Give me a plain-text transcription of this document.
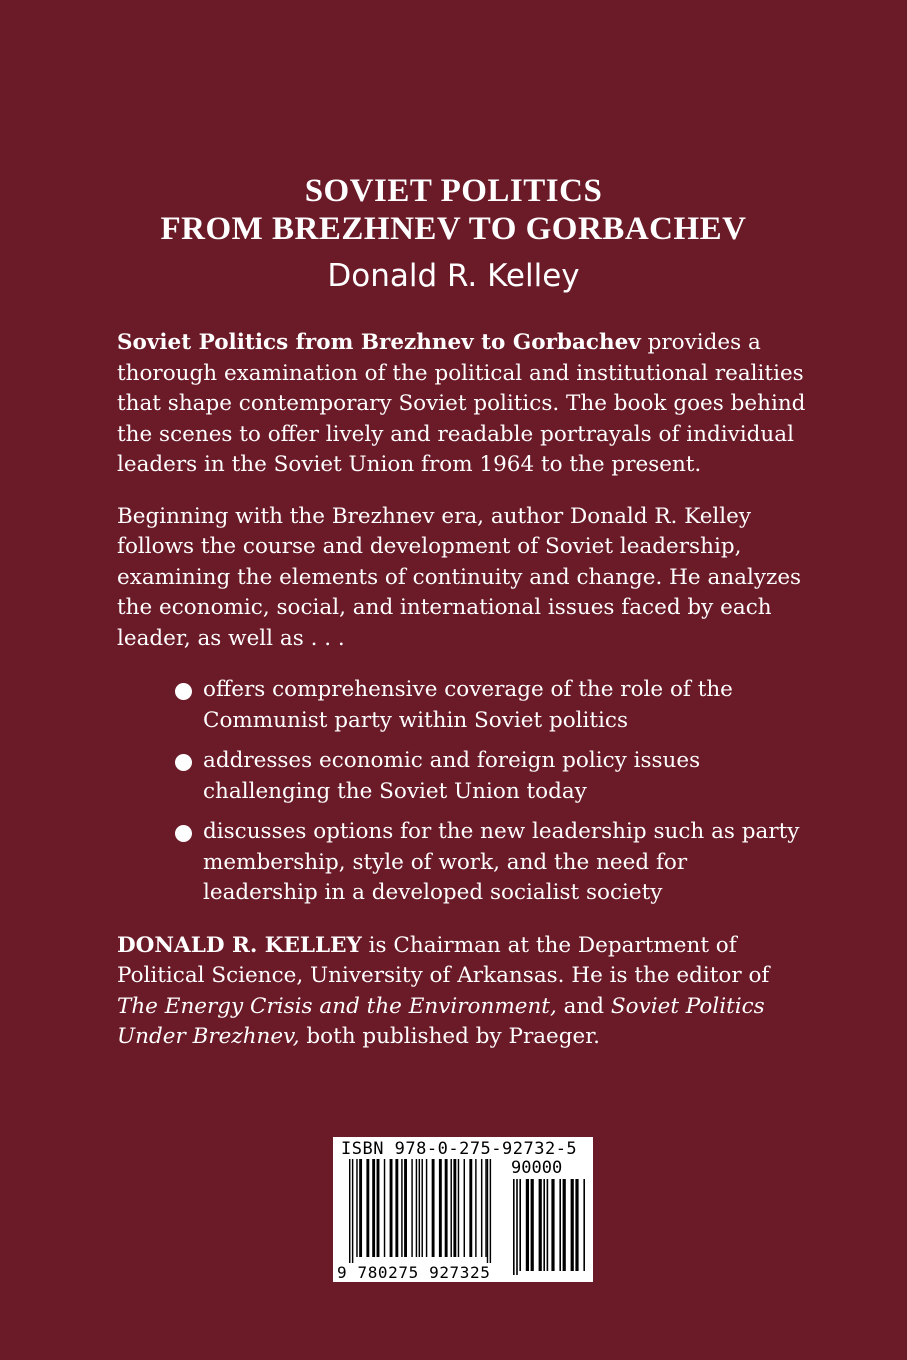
SOVIET POLITICS
FROM BREZHNEV TO GORBACHEV
Donald R. Kelley

Soviet Politics from Brezhnev to Gorbachev provides a thorough examination of the political and institutional realities that shape contemporary Soviet politics. The book goes behind the scenes to offer lively and readable portrayals of individual leaders in the Soviet Union from 1964 to the present.

Beginning with the Brezhnev era, author Donald R. Kelley follows the course and development of Soviet leadership, examining the elements of continuity and change. He analyzes the economic, social, and international issues faced by each leader, as well as . . .

offers comprehensive coverage of the role of the Communist party within Soviet politics
addresses economic and foreign policy issues challenging the Soviet Union today
discusses options for the new leadership such as party membership, style of work, and the need for leadership in a developed socialist society

DONALD R. KELLEY is Chairman at the Department of Political Science, University of Arkansas. He is the editor of The Energy Crisis and the Environment, and Soviet Politics Under Brezhnev, both published by Praeger.

ISBN 978-0-275-92732-5
90000
9 780275 927325
